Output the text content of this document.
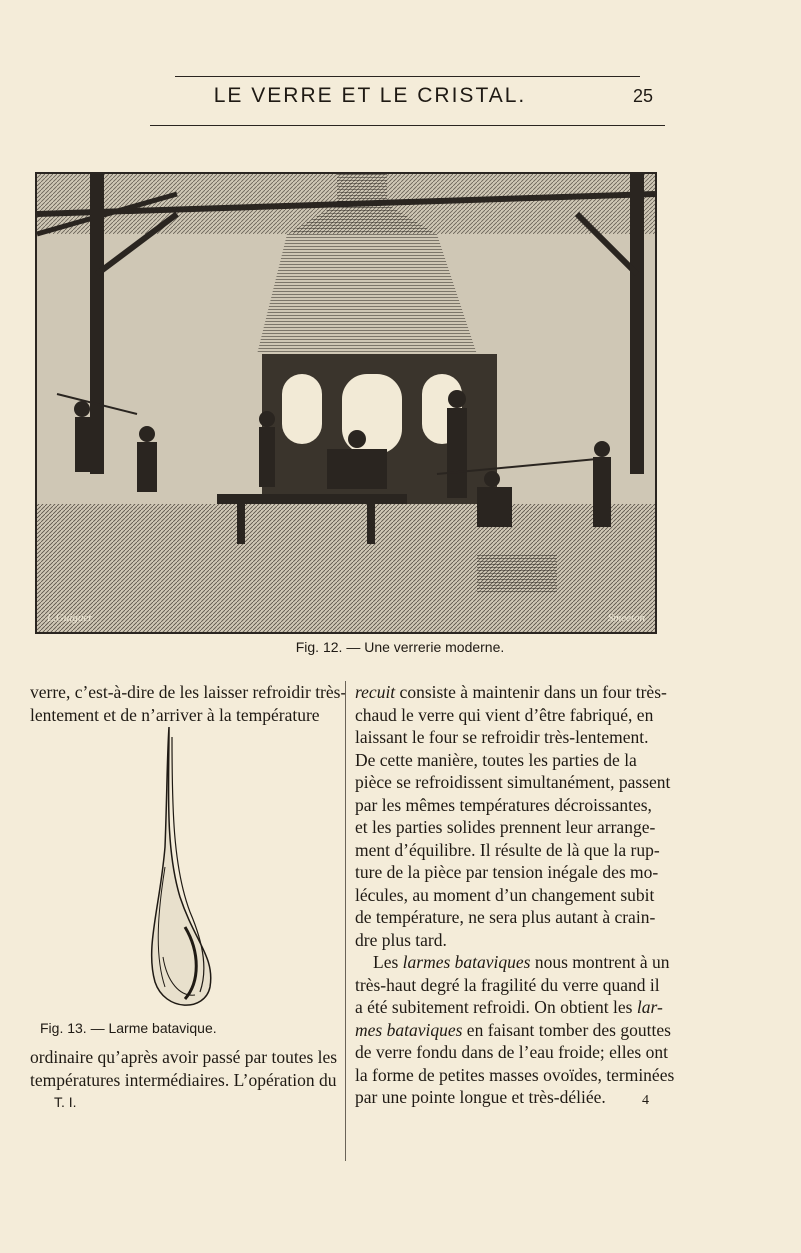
LE VERRE ET LE CRISTAL.	25
L.Guiguet	Smeeton
Fig. 12. — Une verrerie moderne.
verre, c’est-à-dire de les laisser refroidir très-
lentement et de n’arriver à la température
Fig. 13. — Larme batavique.
ordinaire qu’après avoir passé par toutes les
températures intermédiaires. L’opération du
T. I.
recuit consiste à maintenir dans un four très-
chaud le verre qui vient d’être fabriqué, en
laissant le four se refroidir très-lentement.
De cette manière, toutes les parties de la
pièce se refroidissent simultanément, passent
par les mêmes températures décroissantes,
et les parties solides prennent leur arrange-
ment d’équilibre. Il résulte de là que la rup-
ture de la pièce par tension inégale des mo-
lécules, au moment d’un changement subit
de température, ne sera plus autant à crain-
dre plus tard.
Les larmes bataviques nous montrent à un
très-haut degré la fragilité du verre quand il
a été subitement refroidi. On obtient les lar-
mes bataviques en faisant tomber des gouttes
de verre fondu dans de l’eau froide; elles ont
la forme de petites masses ovoïdes, terminées
par une pointe longue et très-déliée.	4
